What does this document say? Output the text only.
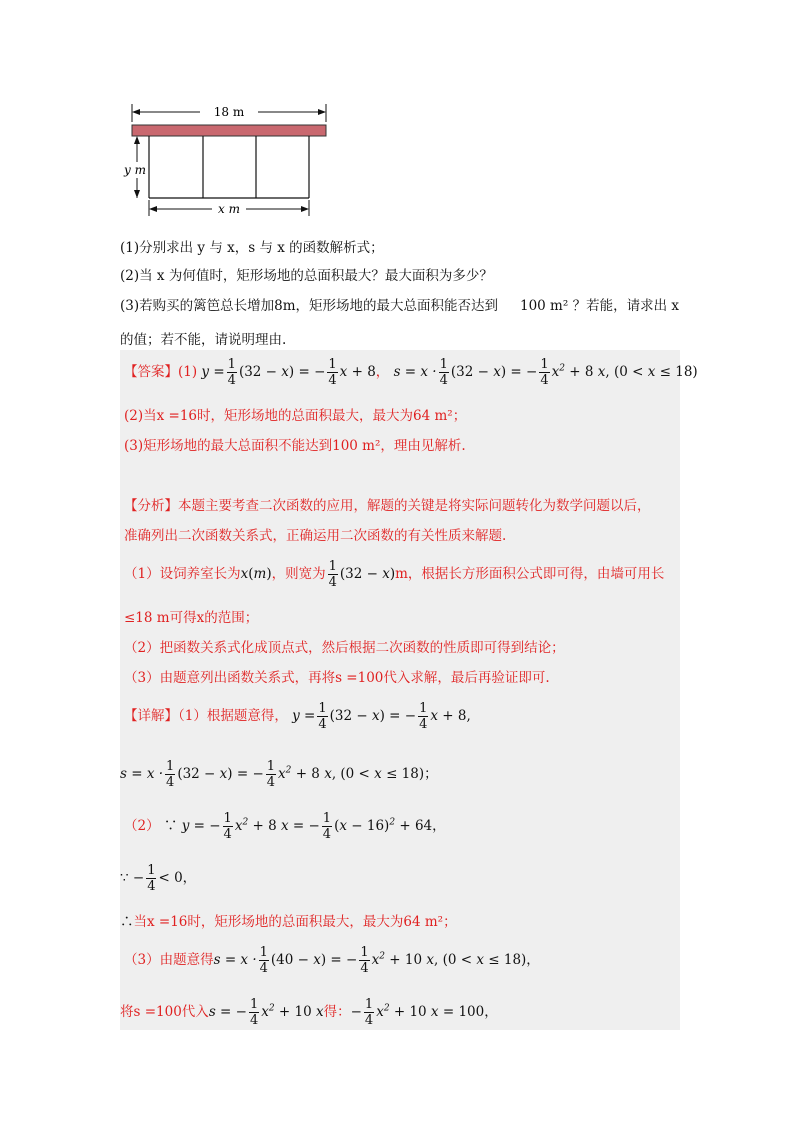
18 m
y m
x m
(1)分别求出 y 与 x，s 与 x 的函数解析式；
(2)当 x 为何值时，矩形场地的总面积最大？最大面积为多少？
(3)若购买的篱笆总长增加8m，矩形场地的最大总面积能否达到 100 m² ？若能，请求出 x
的值；若不能，请说明理由.
【答案】(1) $y = \frac{1}{4} (32 - x)$ = − $\frac{1}{4}$ x + 8， $s = x \cdot \frac{1}{4} (32 - x)$ = − $\frac{1}{4} x^2 + 8$ x, (0 < x ≤ 18)
(2)当x =16时，矩形场地的总面积最大，最大为64 m²；
(3)矩形场地的最大总面积不能达到100 m²，理由见解析.
【分析】本题主要考查二次函数的应用，解题的关键是将实际问题转化为数学问题以后，
准确列出二次函数关系式，正确运用二次函数的有关性质来解题.
（1）设饲养室长为x(m)，则宽为 $\frac{1}{4} (32 - x)m$，根据长方形面积公式即可得，由墙可用长
≤18 m可得x的范围；
（2）把函数关系式化成顶点式，然后根据二次函数的性质即可得到结论；
（3）由题意列出函数关系式，再将s =100代入求解，最后再验证即可.
【详解】（1）根据题意得， $y = \frac{1}{4} (32 - x)$ = − $\frac{1}{4}$ x + 8,
$s = x \cdot \frac{1}{4} (32 - x)$ = − $\frac{1}{4} x^2 + 8$ x, (0 < x ≤ 18)；
（2） ∵ y = − $\frac{1}{4} x^2 + 8$ x = − $\frac{1}{4} (x - 16)^2 + 64$，
∵ − $\frac{1}{4} < 0$，
∴当x =16时，矩形场地的总面积最大，最大为64 m²；
（3）由题意得$s = x \cdot \frac{1}{4} (40 - x)$ = − $\frac{1}{4} x^2 + 10$ x, (0 < x ≤ 18)，
将s =100代入s = − $\frac{1}{4} x^2 + 10$ x得：− $\frac{1}{4} x^2 + 10$ x = 100，
